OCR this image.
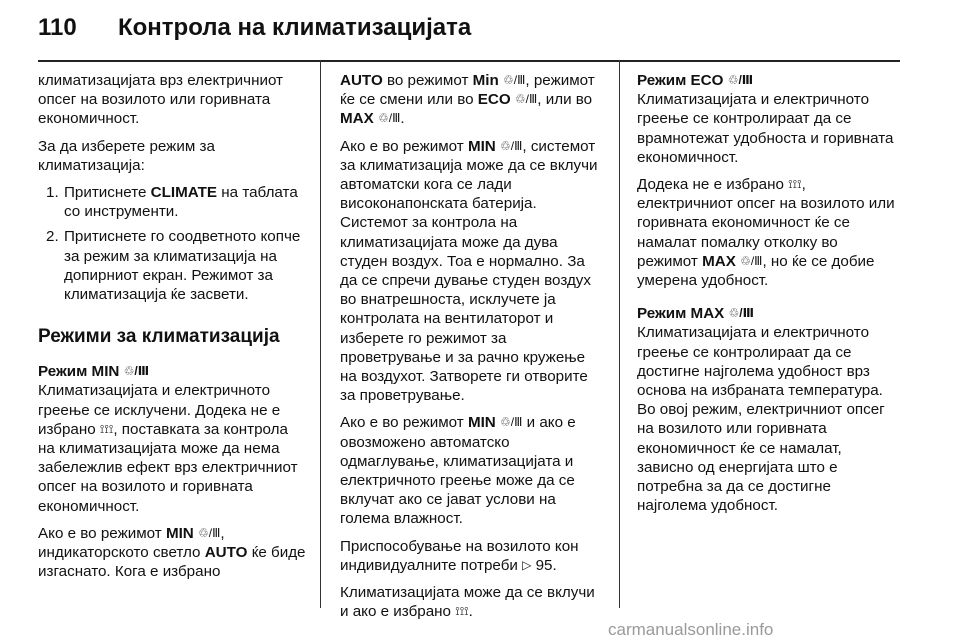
110 Контрола на климатизацијата

климатизацијата врз електричниот опсег на возилото или горивната економичност.

За да изберете режим за климатизација:

1. Притиснете CLIMATE на таблата со инструменти.
2. Притиснете го соодветното копче за режим за климатизација на допирниот екран. Режимот за климатизација ќе засвети.
Режими за климатизација
Режим MIN ♲/Ⅲ

Климатизацијата и електричното греење се исклучени. Додека не е избрано ⟟⟟⟟, поставката за контрола на климатизацијата може да нема забележлив ефект врз електричниот опсег на возилото и горивната економичност.

Ако е во режимот MIN ♲/Ⅲ, индикаторското светло AUTO ќе биде изгаснато. Кога е избрано

AUTO во режимот Min ♲/Ⅲ, режимот ќе се смени или во ECO ♲/Ⅲ, или во MAX ♲/Ⅲ.

Ако е во режимот MIN ♲/Ⅲ, системот за климатизација може да се вклучи автоматски кога се лади високонапонската батерија. Системот за контрола на климатизацијата може да дува студен воздух. Тоа е нормално. За да се спречи дување студен воздух во внатрешноста, исклучете ја контролата на вентилаторот и изберете го режимот за проветрување и за рачно кружење на воздухот. Затворете ги отворите за проветрување.

Ако е во режимот MIN ♲/Ⅲ и ако е овозможено автоматско одмаглување, климатизацијата и електричното греење може да се вклучат ако се јават услови на голема влажност.

Приспособување на возилото кон индивидуалните потреби ▷ 95.

Климатизацијата може да се вклучи и ако е избрано ⟟⟟⟟.

Режим ECO ♲/Ⅲ

Климатизацијата и електричното греење се контролираат да се врамнотежат удобноста и горивната економичност.

Додека не е избрано ⟟⟟⟟, електричниот опсег на возилото или горивната економичност ќе се намалат помалку отколку во режимот MAX ♲/Ⅲ, но ќе се добие умерена удобност.

Режим MAX ♲/Ⅲ

Климатизацијата и електричното греење се контролираат да се достигне најголема удобност врз основа на избраната температура. Во овој режим, електричниот опсег на возилото или горивната економичност ќе се намалат, зависно од енергијата што е потребна за да се достигне најголема удобност.

carmanualsonline.info
